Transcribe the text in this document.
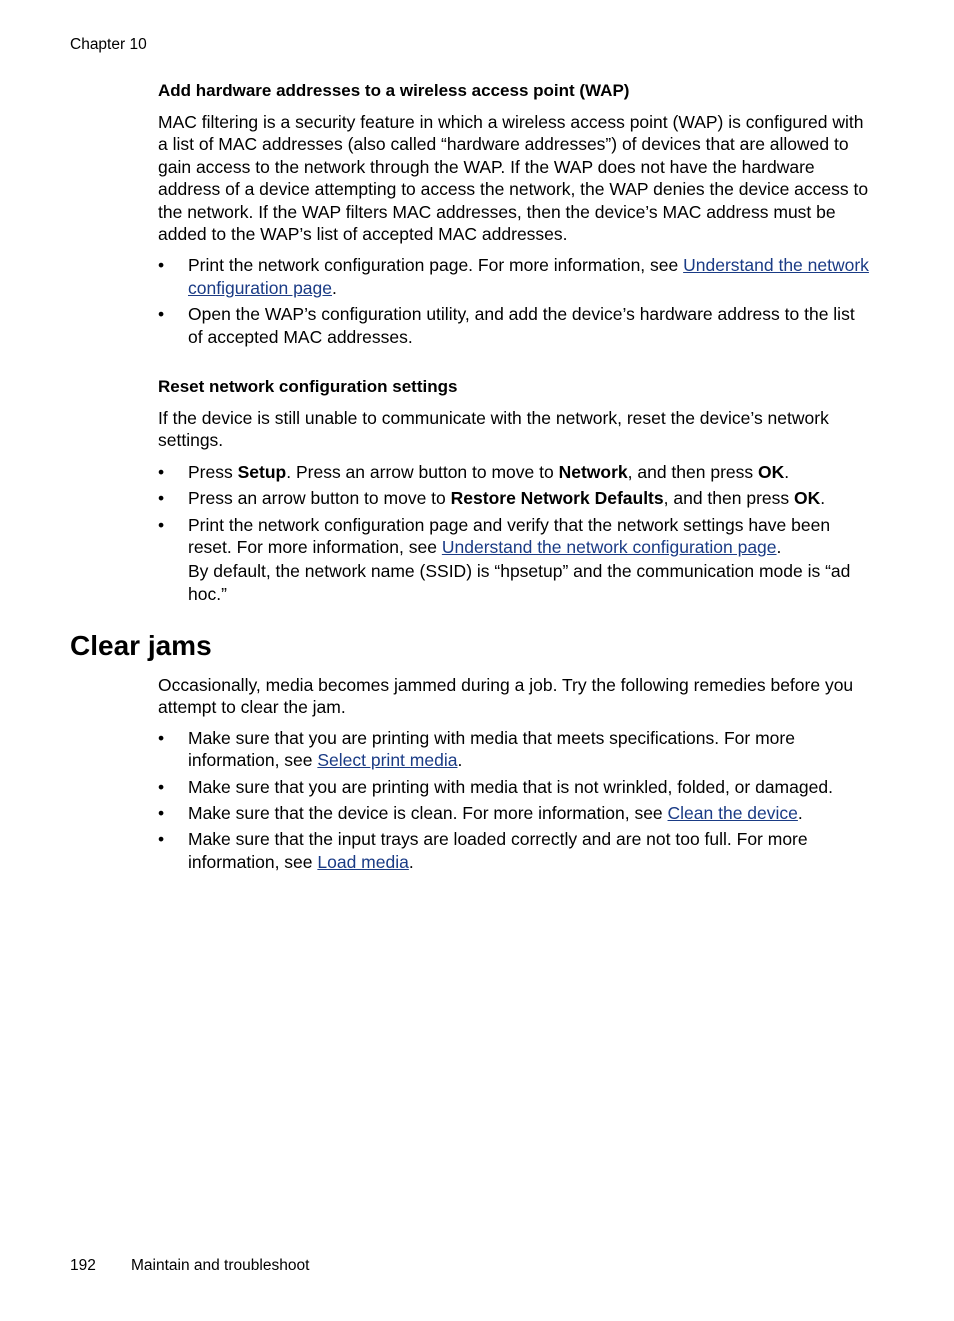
Chapter 10
Add hardware addresses to a wireless access point (WAP)
MAC filtering is a security feature in which a wireless access point (WAP) is configured with a list of MAC addresses (also called “hardware addresses”) of devices that are allowed to gain access to the network through the WAP. If the WAP does not have the hardware address of a device attempting to access the network, the WAP denies the device access to the network. If the WAP filters MAC addresses, then the device’s MAC address must be added to the WAP’s list of accepted MAC addresses.
• Print the network configuration page. For more information, see Understand the network configuration page.
• Open the WAP’s configuration utility, and add the device’s hardware address to the list of accepted MAC addresses.
Reset network configuration settings
If the device is still unable to communicate with the network, reset the device’s network settings.
• Press Setup. Press an arrow button to move to Network, and then press OK.
• Press an arrow button to move to Restore Network Defaults, and then press OK.
• Print the network configuration page and verify that the network settings have been reset. For more information, see Understand the network configuration page.
By default, the network name (SSID) is “hpsetup” and the communication mode is “ad hoc.”
Clear jams
Occasionally, media becomes jammed during a job. Try the following remedies before you attempt to clear the jam.
• Make sure that you are printing with media that meets specifications. For more information, see Select print media.
• Make sure that you are printing with media that is not wrinkled, folded, or damaged.
• Make sure that the device is clean. For more information, see Clean the device.
• Make sure that the input trays are loaded correctly and are not too full. For more information, see Load media.
192 Maintain and troubleshoot
